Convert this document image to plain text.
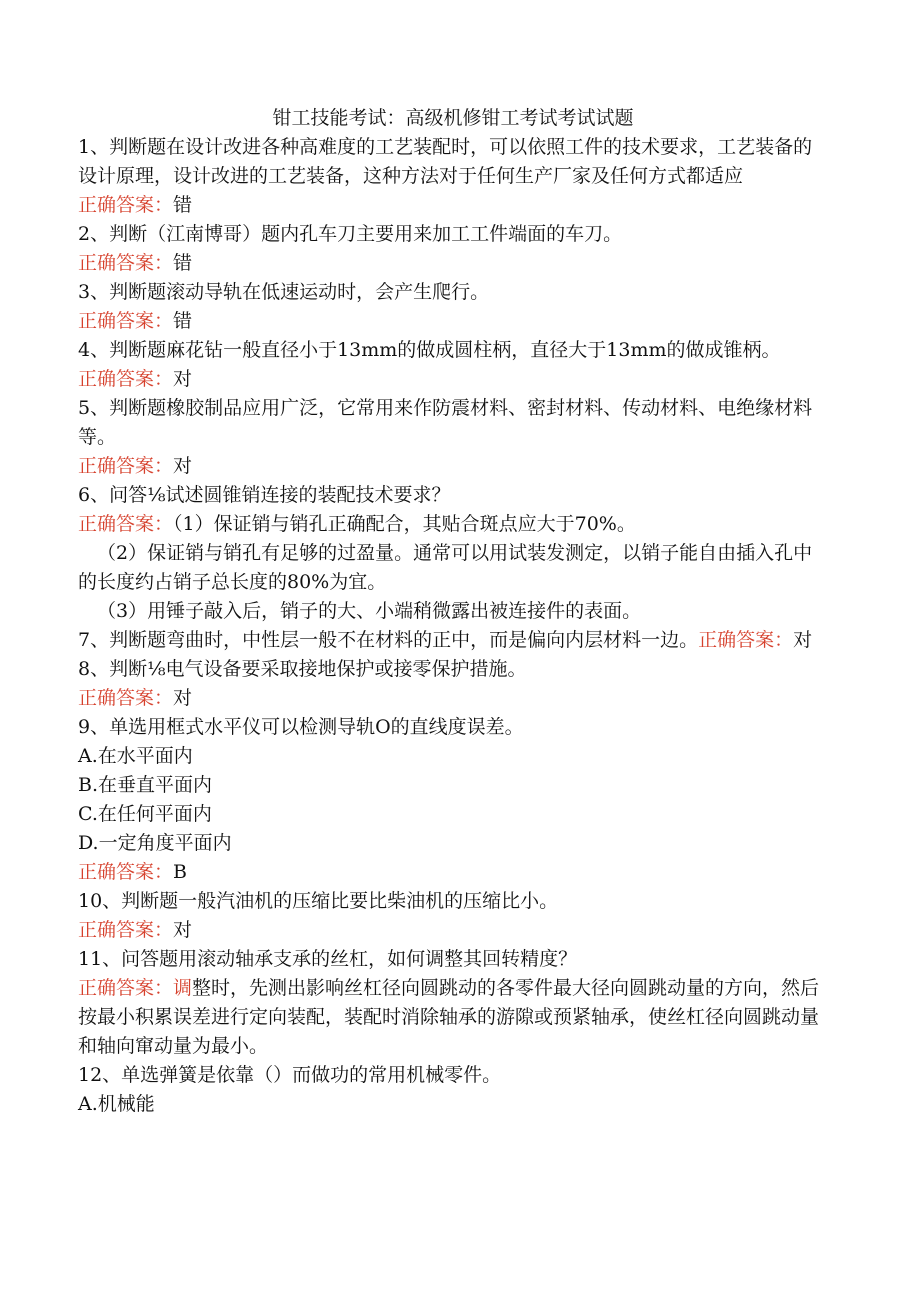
钳工技能考试：高级机修钳工考试考试试题

1、判断题在设计改进各种高难度的工艺装配时，可以依照工件的技术要求，工艺装备的设计原理，设计改进的工艺装备，这种方法对于任何生产厂家及任何方式都适应

正确答案：错

2、判断（江南博哥）题内孔车刀主要用来加工工件端面的车刀。

正确答案：错

3、判断题滚动导轨在低速运动时，会产生爬行。

正确答案：错

4、判断题麻花钻一般直径小于13mm的做成圆柱柄，直径大于13mm的做成锥柄。

正确答案：对

5、判断题橡胶制品应用广泛，它常用来作防震材料、密封材料、传动材料、电绝缘材料等。

正确答案：对

6、问答⅛试述圆锥销连接的装配技术要求？

正确答案：（1）保证销与销孔正确配合，其贴合斑点应大于70%。

（2）保证销与销孔有足够的过盈量。通常可以用试装发测定，以销子能自由插入孔中的长度约占销子总长度的80%为宜。

（3）用锤子敲入后，销子的大、小端稍微露出被连接件的表面。

7、判断题弯曲时，中性层一般不在材料的正中，而是偏向内层材料一边。正确答案：对

8、判断⅛电气设备要采取接地保护或接零保护措施。

正确答案：对

9、单选用框式水平仪可以检测导轨O的直线度误差。

A.在水平面内

B.在垂直平面内

C.在任何平面内

D.一定角度平面内

正确答案：B

10、判断题一般汽油机的压缩比要比柴油机的压缩比小。

正确答案：对

11、问答题用滚动轴承支承的丝杠，如何调整其回转精度？

正确答案：调整时，先测出影响丝杠径向圆跳动的各零件最大径向圆跳动量的方向，然后按最小积累误差进行定向装配，装配时消除轴承的游隙或预紧轴承，使丝杠径向圆跳动量和轴向窜动量为最小。

12、单选弹簧是依靠（）而做功的常用机械零件。

A.机械能
